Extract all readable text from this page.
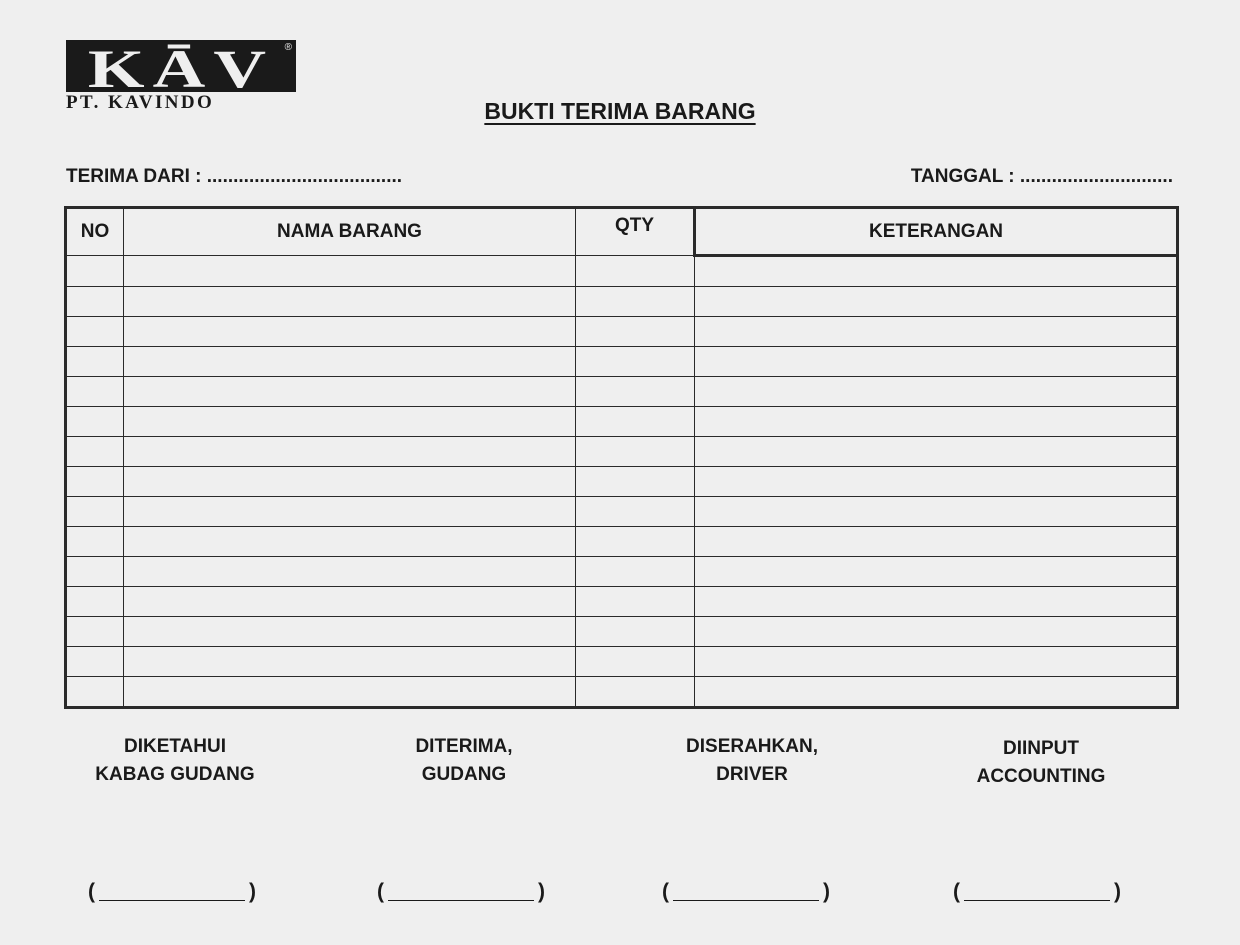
KĀV ®
PT. KAVINDO	BUKTI TERIMA BARANG
TERIMA DARI : .....................................	TANGGAL : .............................
NO	NAMA BARANG	QTY	KETERANGAN

DIKETAHUI
KABAG GUDANG
DITERIMA,
GUDANG
DISERAHKAN,
DRIVER
DIINPUT
ACCOUNTING
(	)	(	)	(	)	(	)
